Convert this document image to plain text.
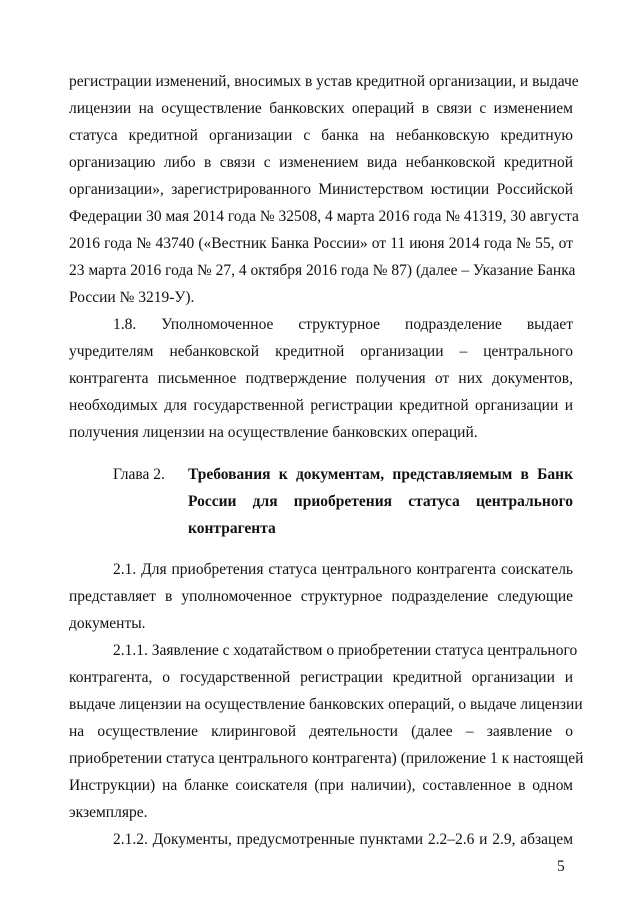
регистрации изменений, вносимых в устав кредитной организации, и выдаче
лицензии на осуществление банковских операций в связи с изменением
статуса кредитной организации с банка на небанковскую кредитную
организацию либо в связи с изменением вида небанковской кредитной
организации», зарегистрированного Министерством юстиции Российской
Федерации 30 мая 2014 года № 32508, 4 марта 2016 года № 41319, 30 августа
2016 года № 43740 («Вестник Банка России» от 11 июня 2014 года № 55, от
23 марта 2016 года № 27, 4 октября 2016 года № 87) (далее – Указание Банка
России № 3219-У).
1.8. Уполномоченное структурное подразделение выдает
учредителям небанковской кредитной организации – центрального
контрагента письменное подтверждение получения от них документов,
необходимых для государственной регистрации кредитной организации и
получения лицензии на осуществление банковских операций.
Глава 2. Требования к документам, представляемым в Банк
России для приобретения статуса центрального
контрагента
2.1. Для приобретения статуса центрального контрагента соискатель
представляет в уполномоченное структурное подразделение следующие
документы.
2.1.1. Заявление с ходатайством о приобретении статуса центрального
контрагента, о государственной регистрации кредитной организации и
выдаче лицензии на осуществление банковских операций, о выдаче лицензии
на осуществление клиринговой деятельности (далее – заявление о
приобретении статуса центрального контрагента) (приложение 1 к настоящей
Инструкции) на бланке соискателя (при наличии), составленное в одном
экземпляре.
2.1.2. Документы, предусмотренные пунктами 2.2–2.6 и 2.9, абзацем
5
